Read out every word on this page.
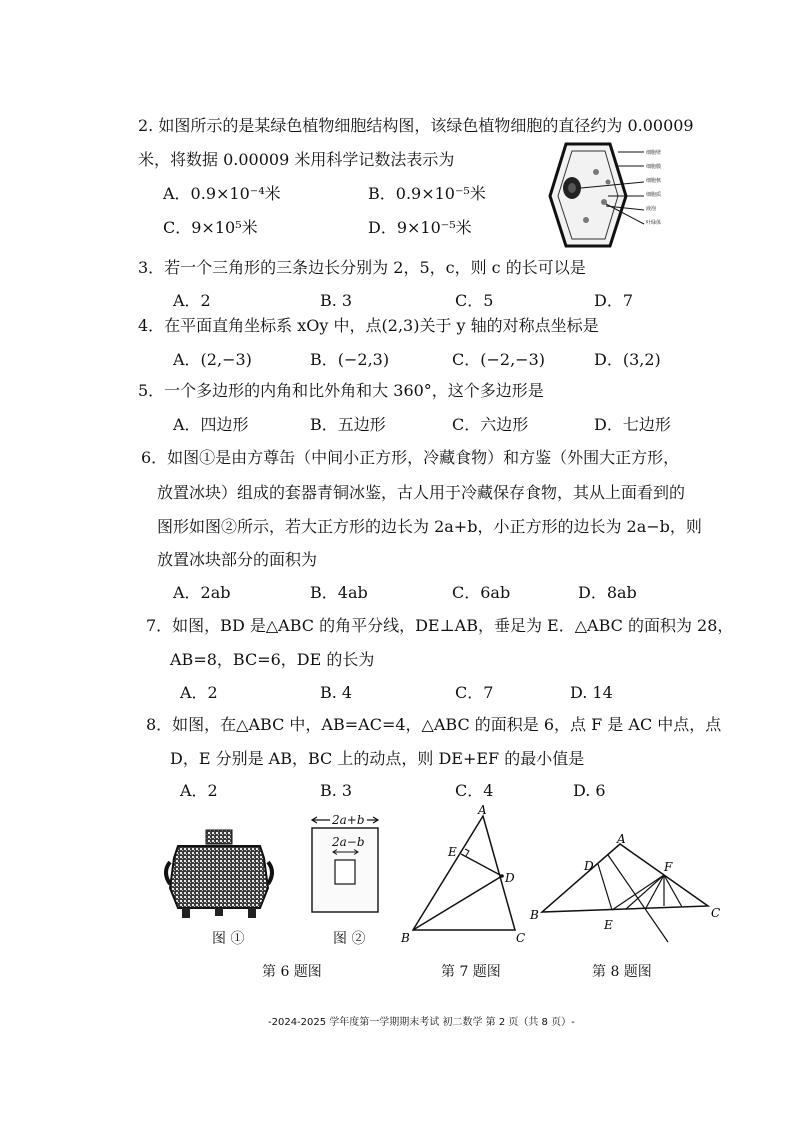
2. 如图所示的是某绿色植物细胞结构图，该绿色植物细胞的直径约为 0.00009
米，将数据 0.00009 米用科学记数法表示为
A．0.9×10⁻⁴米	B．0.9×10⁻⁵米
C．9×10⁵米	D．9×10⁻⁵米
细胞壁
细胞膜
细胞核
细胞质
液泡
叶绿体
3．若一个三角形的三条边长分别为 2，5，c，则 c 的长可以是
A．2	B. 3	C．5	D．7
4．在平面直角坐标系 xOy 中，点(2,3)关于 y 轴的对称点坐标是
A．(2,−3)	B．(−2,3)	C．(−2,−3)	D．(3,2)
5．一个多边形的内角和比外角和大 360°，这个多边形是
A．四边形	B．五边形	C．六边形	D．七边形
6．如图①是由方尊缶（中间小正方形，冷藏食物）和方鉴（外围大正方形，
放置冰块）组成的套器青铜冰鉴，古人用于冷藏保存食物，其从上面看到的
图形如图②所示，若大正方形的边长为 2a+b，小正方形的边长为 2a−b，则
放置冰块部分的面积为
A．2ab	B．4ab	C．6ab	D．8ab
7．如图，BD 是△ABC 的角平分线，DE⊥AB，垂足为 E．△ABC 的面积为 28，
AB=8，BC=6，DE 的长为
A．2	B. 4	C．7	D. 14
8．如图，在△ABC 中，AB=AC=4，△ABC 的面积是 6，点 F 是 AC 中点，点
D，E 分别是 AB，BC 上的动点，则 DE+EF 的最小值是
A．2	B. 3	C．4	D. 6
图 ①
2a+b
2a−b
图 ②
A
B	C
D
E
A
B	C
D
E
F
第 6 题图	第 7 题图	第 8 题图
-2024-2025 学年度第一学期期末考试 初二数学 第 2 页（共 8 页）-
